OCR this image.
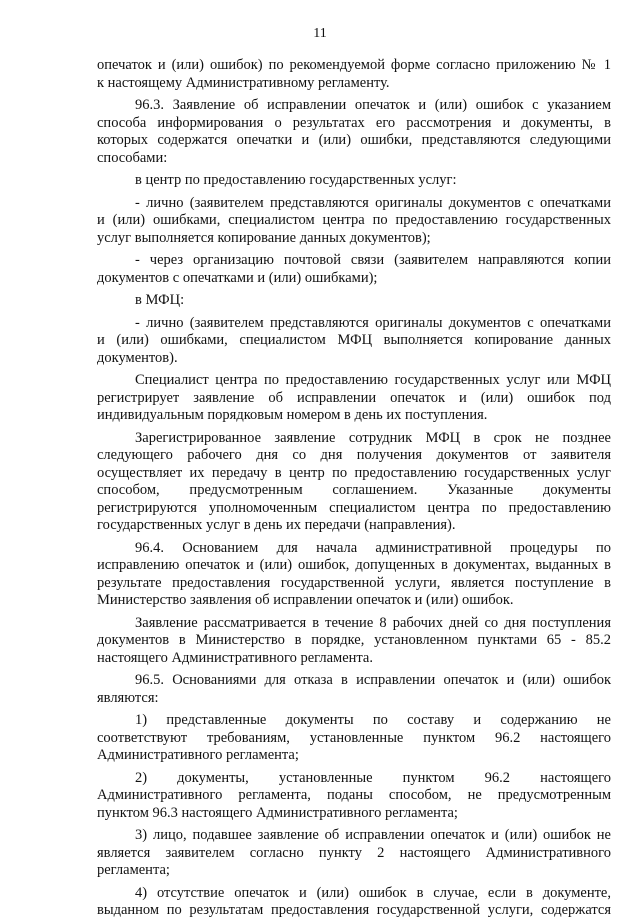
11
опечаток и (или) ошибок) по рекомендуемой форме согласно приложению № 1
к настоящему Административному регламенту.
96.3. Заявление об исправлении опечаток и (или) ошибок с указанием
способа информирования о результатах его рассмотрения и документы, в
которых содержатся опечатки и (или) ошибки, представляются следующими
способами:
в центр по предоставлению государственных услуг:
- лично (заявителем представляются оригиналы документов с опечатками
и (или) ошибками, специалистом центра по предоставлению государственных
услуг выполняется копирование данных документов);
- через организацию почтовой связи (заявителем направляются копии
документов с опечатками и (или) ошибками);
в МФЦ:
- лично (заявителем представляются оригиналы документов с опечатками
и (или) ошибками, специалистом МФЦ выполняется копирование данных
документов).
Специалист центра по предоставлению государственных услуг или МФЦ
регистрирует заявление об исправлении опечаток и (или) ошибок под
индивидуальным порядковым номером в день их поступления.
Зарегистрированное заявление сотрудник МФЦ в срок не позднее
следующего рабочего дня со дня получения документов от заявителя
осуществляет их передачу в центр по предоставлению государственных услуг
способом, предусмотренным соглашением. Указанные документы
регистрируются уполномоченным специалистом центра по предоставлению
государственных услуг в день их передачи (направления).
96.4. Основанием для начала административной процедуры по
исправлению опечаток и (или) ошибок, допущенных в документах, выданных в
результате предоставления государственной услуги, является поступление в
Министерство заявления об исправлении опечаток и (или) ошибок.
Заявление рассматривается в течение 8 рабочих дней со дня поступления
документов в Министерство в порядке, установленном пунктами 65 - 85.2
настоящего Административного регламента.
96.5. Основаниями для отказа в исправлении опечаток и (или) ошибок
являются:
1) представленные документы по составу и содержанию не
соответствуют требованиям, установленные пунктом 96.2 настоящего
Административного регламента;
2) документы, установленные пунктом 96.2 настоящего
Административного регламента, поданы способом, не предусмотренным
пунктом 96.3 настоящего Административного регламента;
3) лицо, подавшее заявление об исправлении опечаток и (или) ошибок не
является заявителем согласно пункту 2 настоящего Административного
регламента;
4) отсутствие опечаток и (или) ошибок в случае, если в документе,
выданном по результатам предоставления государственной услуги, содержатся
